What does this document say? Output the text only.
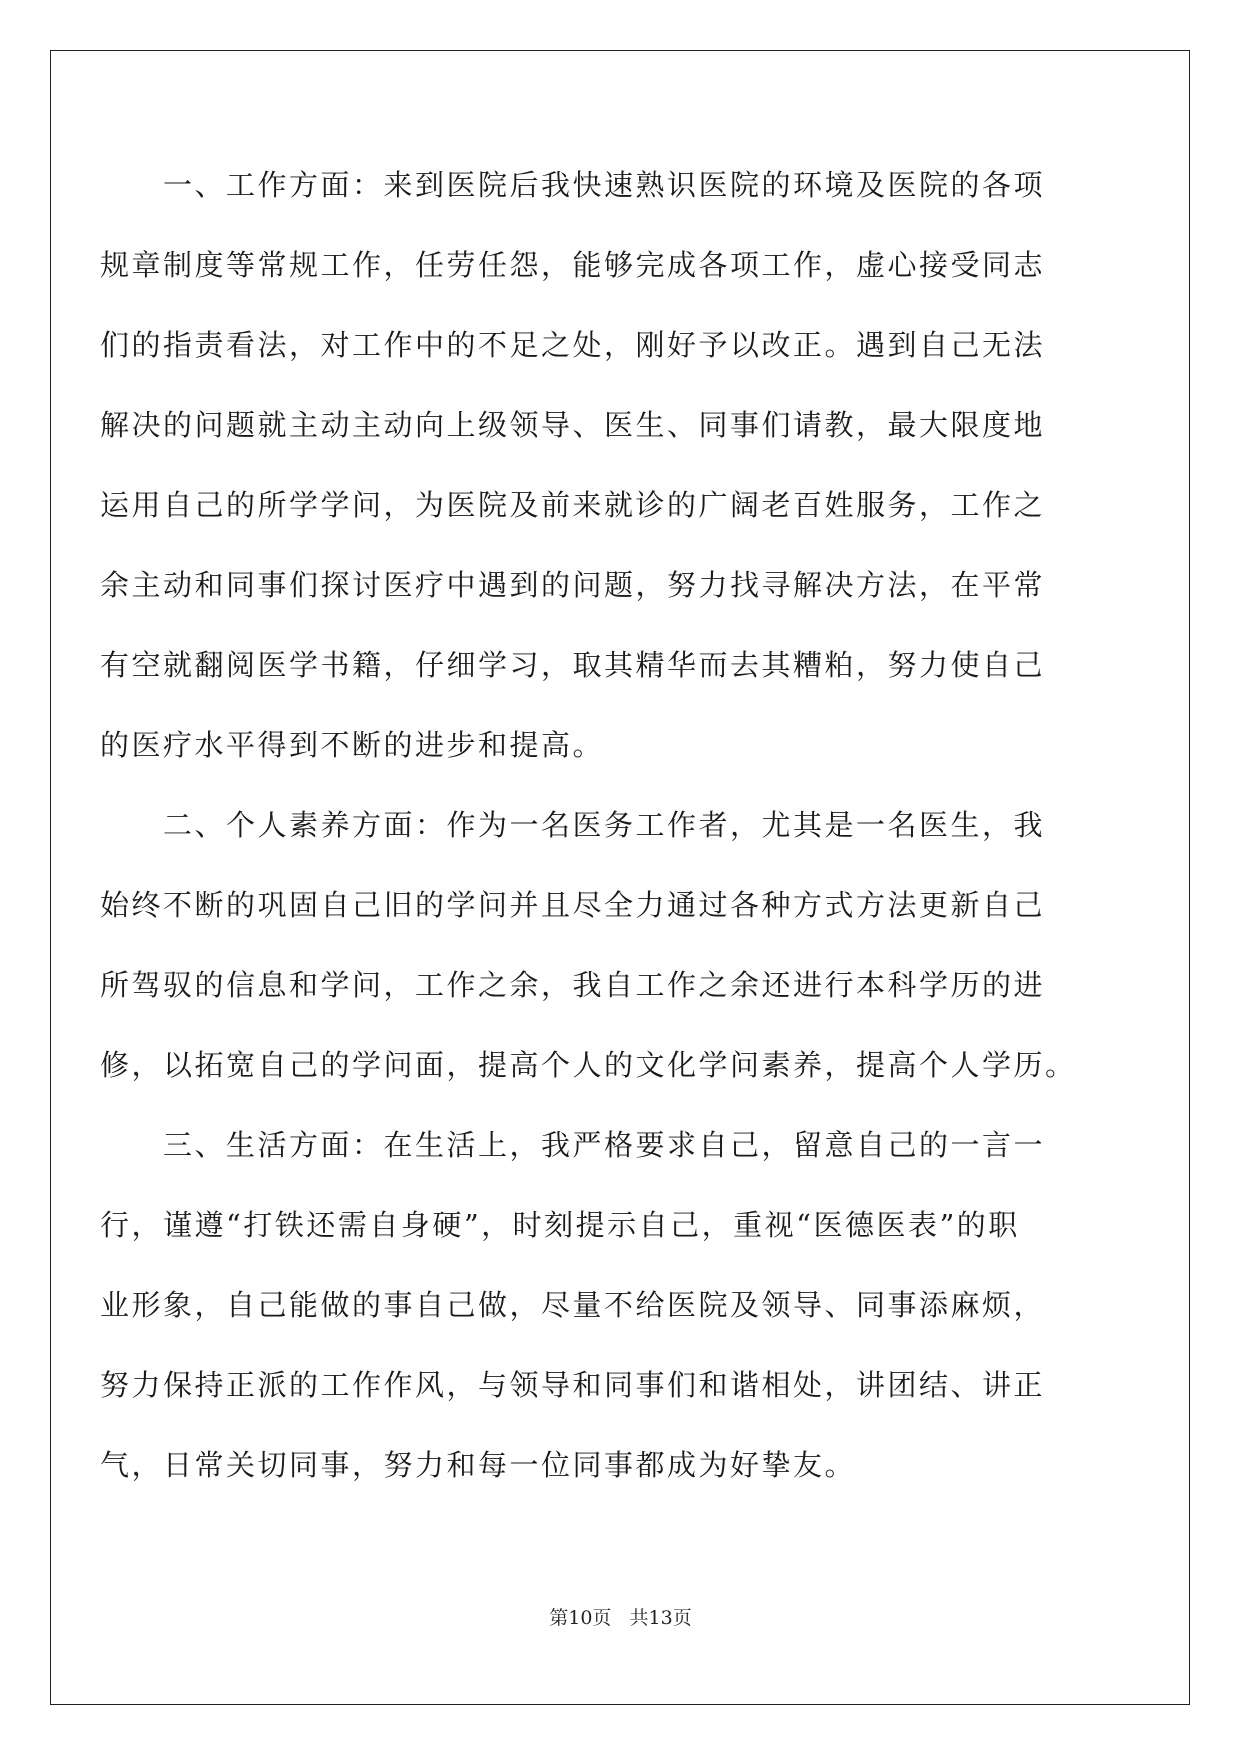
一、工作方面：来到医院后我快速熟识医院的环境及医院的各项
规章制度等常规工作，任劳任怨，能够完成各项工作，虚心接受同志
们的指责看法，对工作中的不足之处，刚好予以改正。遇到自己无法
解决的问题就主动主动向上级领导、医生、同事们请教，最大限度地
运用自己的所学学问，为医院及前来就诊的广阔老百姓服务，工作之
余主动和同事们探讨医疗中遇到的问题，努力找寻解决方法，在平常
有空就翻阅医学书籍，仔细学习，取其精华而去其糟粕，努力使自己
的医疗水平得到不断的进步和提高。
二、个人素养方面：作为一名医务工作者，尤其是一名医生，我
始终不断的巩固自己旧的学问并且尽全力通过各种方式方法更新自己
所驾驭的信息和学问，工作之余，我自工作之余还进行本科学历的进
修，以拓宽自己的学问面，提高个人的文化学问素养，提高个人学历。
三、生活方面：在生活上，我严格要求自己，留意自己的一言一
行，谨遵“打铁还需自身硬”，时刻提示自己，重视“医德医表”的职
业形象，自己能做的事自己做，尽量不给医院及领导、同事添麻烦，
努力保持正派的工作作风，与领导和同事们和谐相处，讲团结、讲正
气，日常关切同事，努力和每一位同事都成为好挚友。
第10页   共13页
